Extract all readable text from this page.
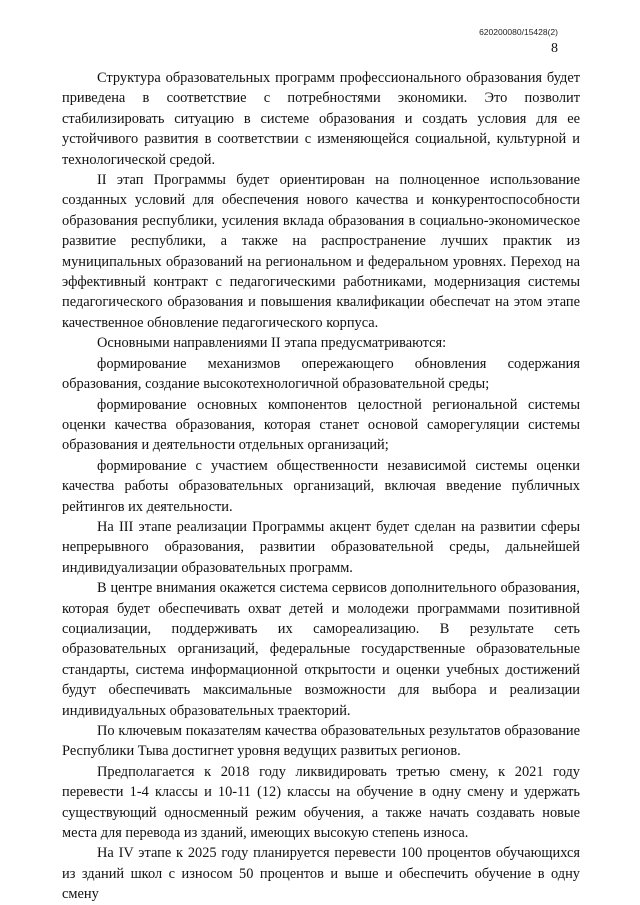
620200080/15428(2)
8

Структура образовательных программ профессионального образования будет приведена в соответствие с потребностями экономики. Это позволит стабилизировать ситуацию в системе образования и создать условия для ее устойчивого развития в соответствии с изменяющейся социальной, культурной и технологической средой.

II этап Программы будет ориентирован на полноценное использование созданных условий для обеспечения нового качества и конкурентоспособности образования республики, усиления вклада образования в социально-экономическое развитие республики, а также на распространение лучших практик из муниципальных образований на региональном и федеральном уровнях. Переход на эффективный контракт с педагогическими работниками, модернизация системы педагогического образования и повышения квалификации обеспечат на этом этапе качественное обновление педагогического корпуса.

Основными направлениями II этапа предусматриваются:

формирование механизмов опережающего обновления содержания образования, создание высокотехнологичной образовательной среды;

формирование основных компонентов целостной региональной системы оценки качества образования, которая станет основой саморегуляции системы образования и деятельности отдельных организаций;

формирование с участием общественности независимой системы оценки качества работы образовательных организаций, включая введение публичных рейтингов их деятельности.

На III этапе реализации Программы акцент будет сделан на развитии сферы непрерывного образования, развитии образовательной среды, дальнейшей индивидуализации образовательных программ.

В центре внимания окажется система сервисов дополнительного образования, которая будет обеспечивать охват детей и молодежи программами позитивной социализации, поддерживать их самореализацию. В результате сеть образовательных организаций, федеральные государственные образовательные стандарты, система информационной открытости и оценки учебных достижений будут обеспечивать максимальные возможности для выбора и реализации индивидуальных образовательных траекторий.

По ключевым показателям качества образовательных результатов образование Республики Тыва достигнет уровня ведущих развитых регионов.

Предполагается к 2018 году ликвидировать третью смену, к 2021 году перевести 1-4 классы и 10-11 (12) классы на обучение в одну смену и удержать существующий односменный режим обучения, а также начать создавать новые места для перевода из зданий, имеющих высокую степень износа.

На IV этапе к 2025 году планируется перевести 100 процентов обучающихся из зданий школ с износом 50 процентов и выше и обеспечить обучение в одну смену
